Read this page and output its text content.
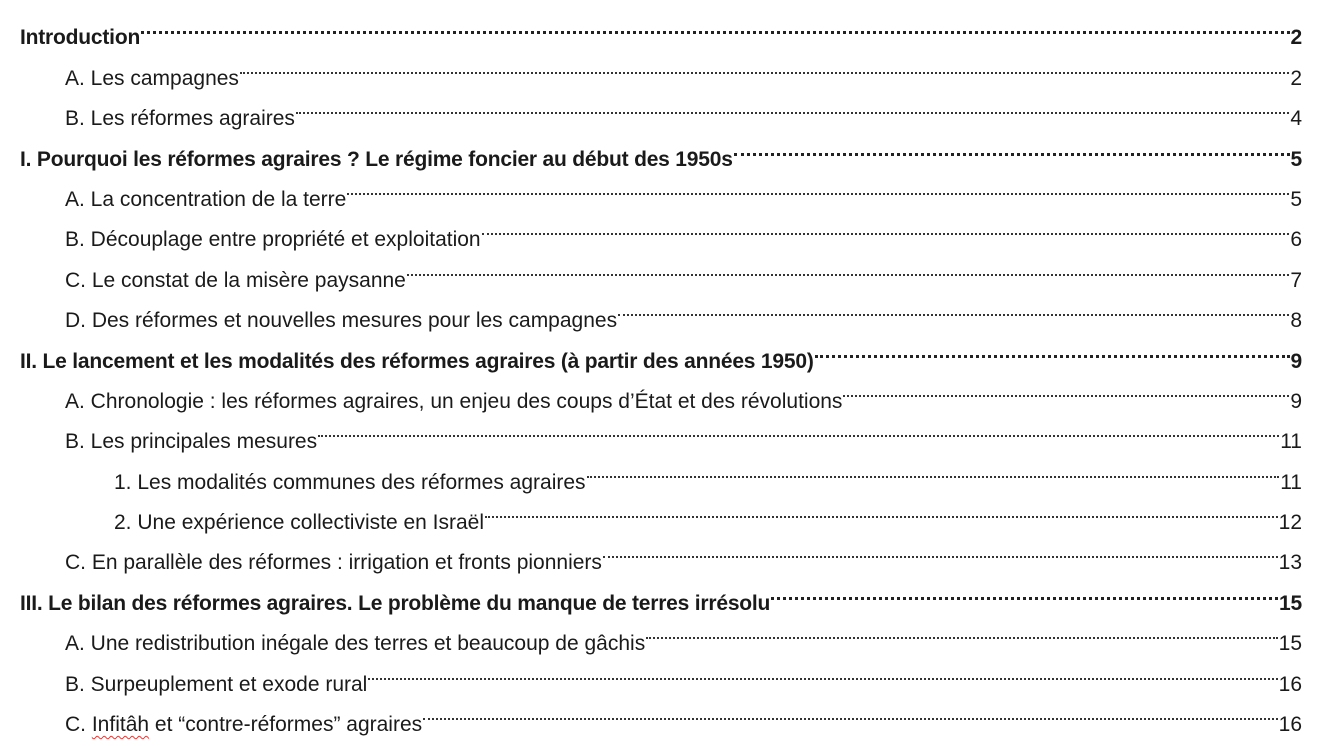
Introduction	2
A. Les campagnes	2
B. Les réformes agraires	4
I. Pourquoi les réformes agraires ? Le régime foncier au début des 1950s	5
A. La concentration de la terre	5
B. Découplage entre propriété et exploitation	6
C. Le constat de la misère paysanne	7
D. Des réformes et nouvelles mesures pour les campagnes	8
II. Le lancement et les modalités des réformes agraires (à partir des années 1950)	9
A. Chronologie : les réformes agraires, un enjeu des coups d’État et des révolutions	9
B. Les principales mesures	11
1. Les modalités communes des réformes agraires	11
2. Une expérience collectiviste en Israël	12
C. En parallèle des réformes : irrigation et fronts pionniers	13
III. Le bilan des réformes agraires. Le problème du manque de terres irrésolu	15
A. Une redistribution inégale des terres et beaucoup de gâchis	15
B. Surpeuplement et exode rural	16
C. Infitâh et “contre-réformes” agraires	16
